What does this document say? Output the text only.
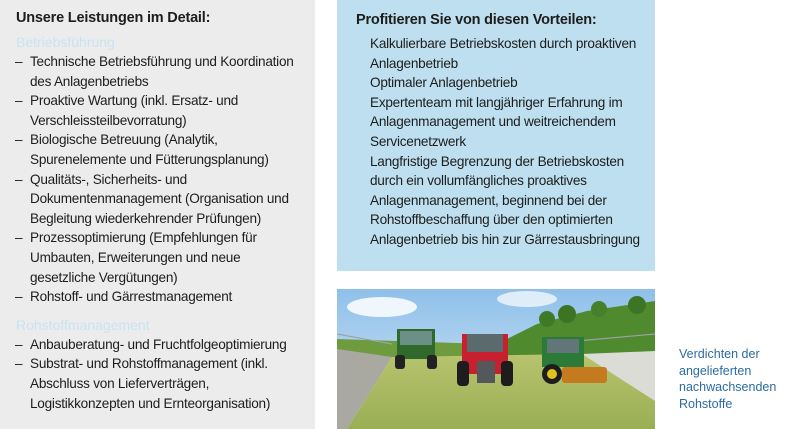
Unsere Leistungen im Detail:
Betriebsführung
– Technische Betriebsführung und Koordination des Anlagenbetriebs
– Proaktive Wartung (inkl. Ersatz- und Verschleissteilbevorratung)
– Biologische Betreuung (Analytik, Spurenelemente und Fütterungsplanung)
– Qualitäts-, Sicherheits- und Dokumentenmanagement (Organisation und Begleitung wiederkehrender Prüfungen)
– Prozessoptimierung (Empfehlungen für Umbauten, Erweiterungen und neue gesetzliche Vergütungen)
– Rohstoff- und Gärrestmanagement
Rohstoffmanagement
– Anbauberatung- und Fruchtfolgeoptimierung
– Substrat- und Rohstoffmanagement (inkl. Abschluss von Lieferverträgen, Logistikkonzepten und Ernteorganisation)
Profitieren Sie von diesen Vorteilen:
Kalkulierbare Betriebskosten durch proaktiven Anlagenbetrieb
Optimaler Anlagenbetrieb
Expertenteam mit langjähriger Erfahrung im Anlagenmanagement und weitreichendem Servicenetzwerk
Langfristige Begrenzung der Betriebskosten durch ein vollumfängliches proaktives Anlagenmanagement, beginnend bei der Rohstoffbeschaffung über den optimierten Anlagenbetrieb bis hin zur Gärrestausbringung
Verdichten der angelieferten nachwachsenden Rohstoffe
